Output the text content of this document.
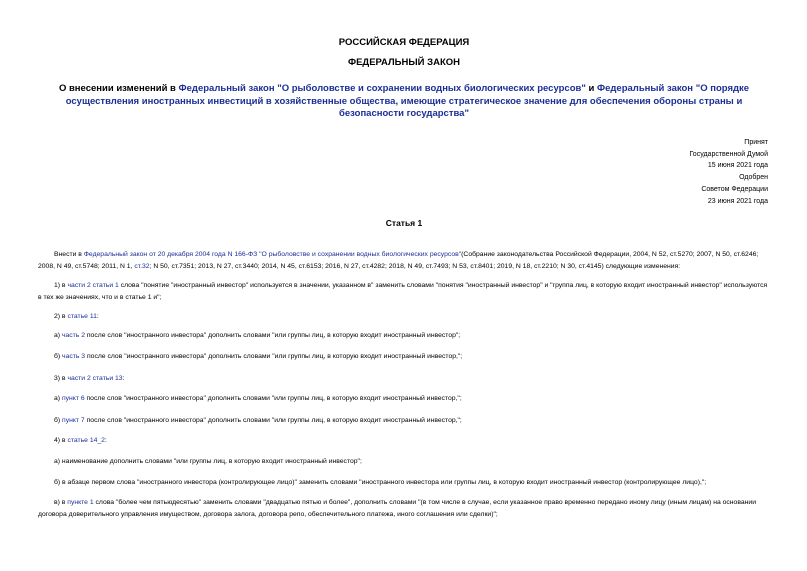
РОССИЙСКАЯ ФЕДЕРАЦИЯ
ФЕДЕРАЛЬНЫЙ ЗАКОН
О внесении изменений в Федеральный закон "О рыболовстве и сохранении водных биологических ресурсов" и Федеральный закон "О порядке осуществления иностранных инвестиций в хозяйственные общества, имеющие стратегическое значение для обеспечения обороны страны и безопасности государства"
Принят
Государственной Думой
15 июня 2021 года
Одобрен
Советом Федерации
23 июня 2021 года
Статья 1
Внести в Федеральный закон от 20 декабря 2004 года N 166-ФЗ "О рыболовстве и сохранении водных биологических ресурсов"(Собрание законодательства Российской Федерации, 2004, N 52, ст.5270; 2007, N 50, ст.6246; 2008, N 49, ст.5748; 2011, N 1, ст.32; N 50, ст.7351; 2013, N 27, ст.3440; 2014, N 45, ст.6153; 2016, N 27, ст.4282; 2018, N 49, ст.7493; N 53, ст.8401; 2019, N 18, ст.2210; N 30, ст.4145) следующие изменения:
1) в части 2 статьи 1 слова "понятие "иностранный инвестор" используется в значении, указанном в" заменить словами "понятия "иностранный инвестор" и "группа лиц, в которую входит иностранный инвестор" используются в тех же значениях, что и в статье 1 и";
2) в статье 11:
а) часть 2 после слов "иностранного инвестора" дополнить словами "или группы лиц, в которую входит иностранный инвестор";
б) часть 3 после слов "иностранного инвестора" дополнить словами "или группы лиц, в которую входит иностранный инвестор,";
3) в части 2 статьи 13:
а) пункт 6 после слов "иностранного инвестора" дополнить словами "или группы лиц, в которую входит иностранный инвестор,";
б) пункт 7 после слов "иностранного инвестора" дополнить словами "или группы лиц, в которую входит иностранный инвестор,";
4) в статье 14_2:
а) наименование дополнить словами "или группы лиц, в которую входит иностранный инвестор";
б) в абзаце первом слова "иностранного инвестора (контролирующее лицо)" заменить словами "иностранного инвестора или группы лиц, в которую входит иностранный инвестор (контролирующее лицо),";
в) в пункте 1 слова "более чем пятьюдесятью" заменить словами "двадцатью пятью и более", дополнить словами "(в том числе в случае, если указанное право временно передано иному лицу (иным лицам) на основании договора доверительного управления имуществом, договора залога, договора репо, обеспечительного платежа, иного соглашения или сделки)";
